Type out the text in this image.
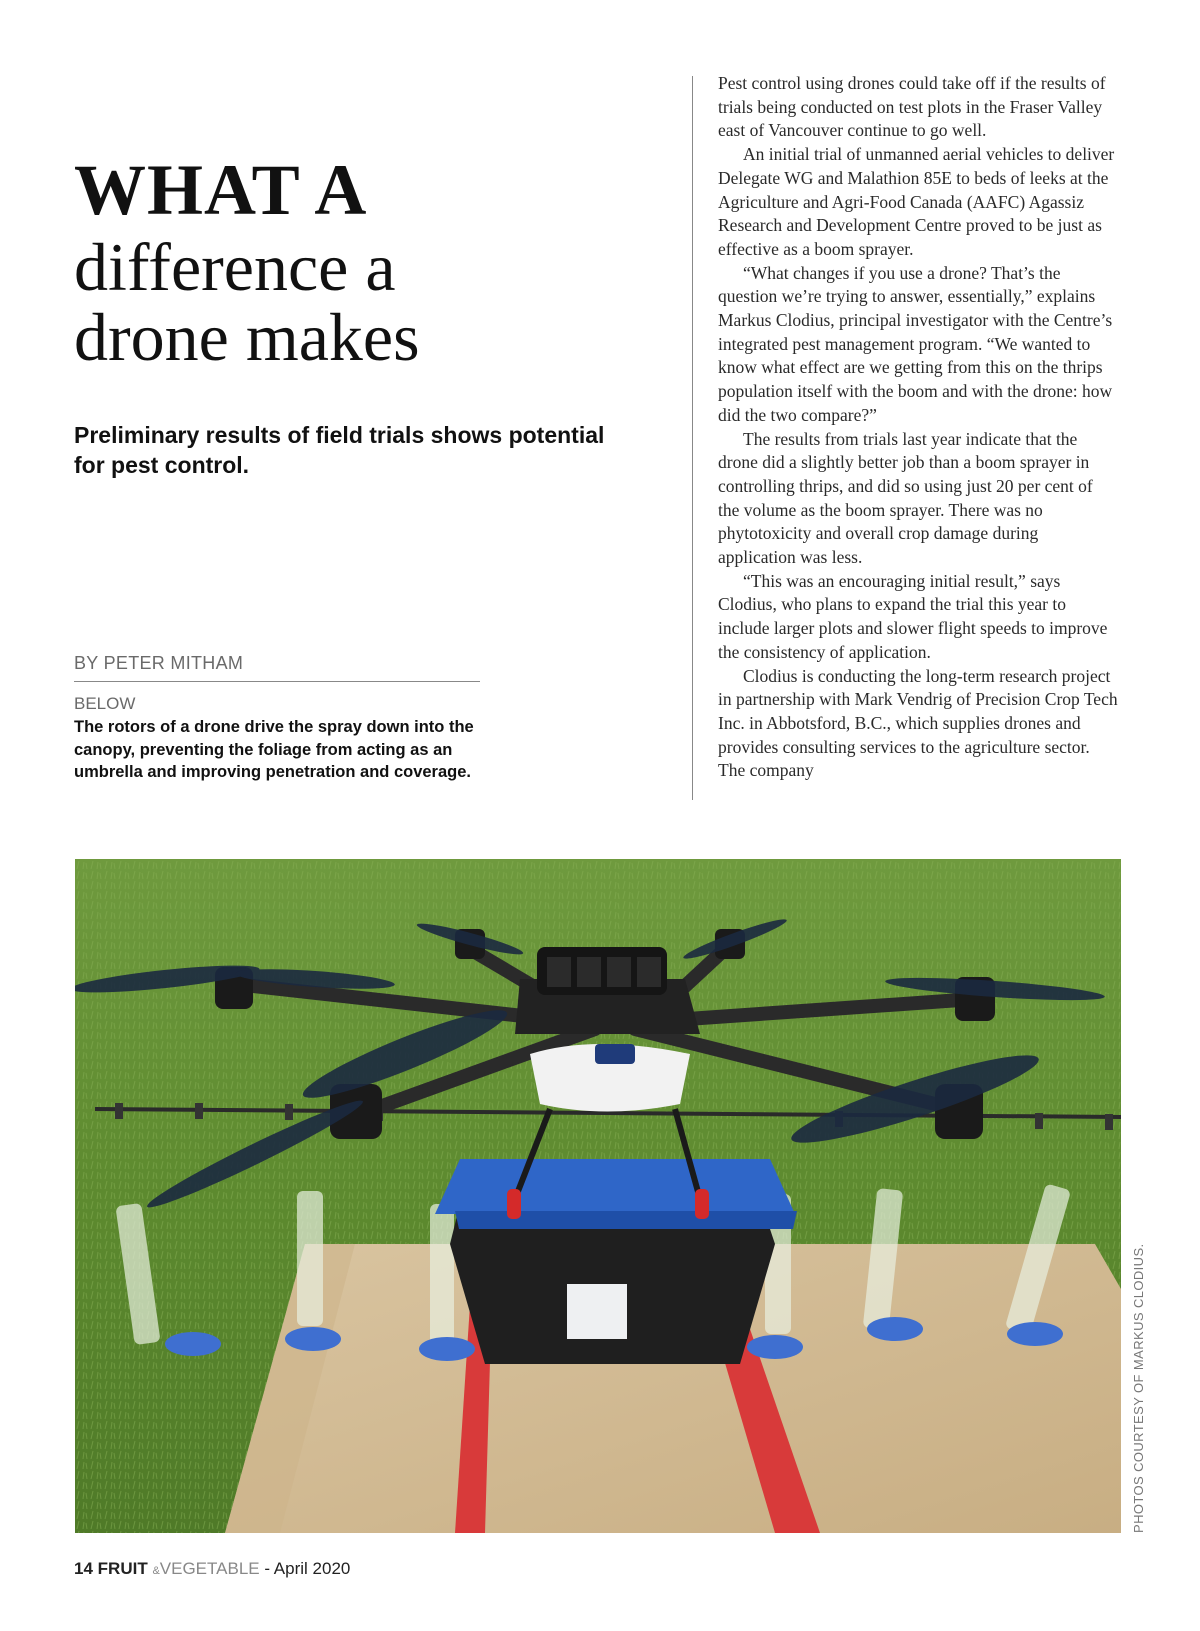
WHAT A
difference a
drone makes
Preliminary results of field trials shows potential for pest control.
BY PETER MITHAM
BELOW
The rotors of a drone drive the spray down into the canopy, preventing the foliage from acting as an umbrella and improving penetration and coverage.

Pest control using drones could take off if the results of trials being conducted on test plots in the Fraser Valley east of Vancouver continue to go well.

An initial trial of unmanned aerial vehicles to deliver Delegate WG and Malathion 85E to beds of leeks at the Agriculture and Agri-Food Canada (AAFC) Agassiz Research and Development Centre proved to be just as effective as a boom sprayer.

“What changes if you use a drone? That’s the question we’re trying to answer, essentially,” explains Markus Clodius, principal investigator with the Centre’s integrated pest management program. “We wanted to know what effect are we getting from this on the thrips population itself with the boom and with the drone: how did the two compare?”

The results from trials last year indicate that the drone did a slightly better job than a boom sprayer in controlling thrips, and did so using just 20 per cent of the volume as the boom sprayer. There was no phytotoxicity and overall crop damage during application was less.

“This was an encouraging initial result,” says Clodius, who plans to expand the trial this year to include larger plots and slower flight speeds to improve the consistency of application.

Clodius is conducting the long-term research project in partnership with Mark Vendrig of Precision Crop Tech Inc. in Abbotsford, B.C., which supplies drones and provides consulting services to the agriculture sector. The company

PHOTOS COURTESY OF MARKUS CLODIUS.
14 FRUIT &VEGETABLE - April 2020
